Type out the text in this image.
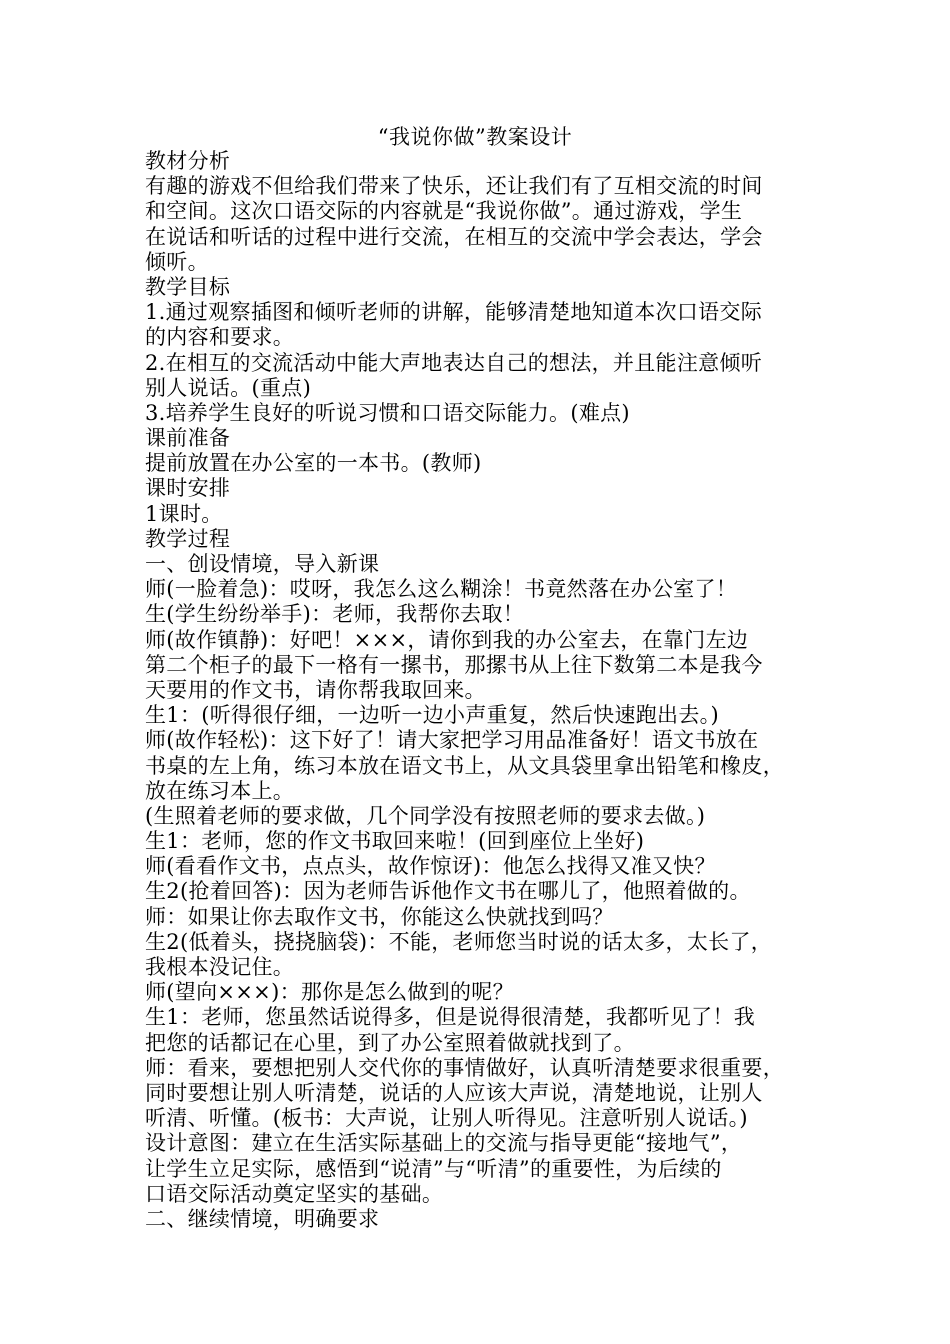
“我说你做”教案设计
教材分析
有趣的游戏不但给我们带来了快乐，还让我们有了互相交流的时间
和空间。这次口语交际的内容就是“我说你做”。通过游戏，学生
在说话和听话的过程中进行交流，在相互的交流中学会表达，学会
倾听。
教学目标
1.通过观察插图和倾听老师的讲解，能够清楚地知道本次口语交际
的内容和要求。
2.在相互的交流活动中能大声地表达自己的想法，并且能注意倾听
别人说话。(重点)
3.培养学生良好的听说习惯和口语交际能力。(难点)
课前准备
提前放置在办公室的一本书。(教师)
课时安排
1课时。
教学过程
一、创设情境，导入新课
师(一脸着急)：哎呀，我怎么这么糊涂！书竟然落在办公室了！
生(学生纷纷举手)：老师，我帮你去取！
师(故作镇静)：好吧！×××，请你到我的办公室去，在靠门左边
第二个柜子的最下一格有一摞书，那摞书从上往下数第二本是我今
天要用的作文书，请你帮我取回来。
生1：(听得很仔细，一边听一边小声重复，然后快速跑出去。)
师(故作轻松)：这下好了！请大家把学习用品准备好！语文书放在
书桌的左上角，练习本放在语文书上，从文具袋里拿出铅笔和橡皮，
放在练习本上。
(生照着老师的要求做，几个同学没有按照老师的要求去做。)
生1：老师，您的作文书取回来啦！(回到座位上坐好)
师(看看作文书，点点头，故作惊讶)：他怎么找得又准又快？
生2(抢着回答)：因为老师告诉他作文书在哪儿了，他照着做的。
师：如果让你去取作文书，你能这么快就找到吗？
生2(低着头，挠挠脑袋)：不能，老师您当时说的话太多，太长了，
我根本没记住。
师(望向×××)：那你是怎么做到的呢？
生1：老师，您虽然话说得多，但是说得很清楚，我都听见了！我
把您的话都记在心里，到了办公室照着做就找到了。
师：看来，要想把别人交代你的事情做好，认真听清楚要求很重要，
同时要想让别人听清楚，说话的人应该大声说，清楚地说，让别人
听清、听懂。(板书：大声说，让别人听得见。注意听别人说话。)
设计意图：建立在生活实际基础上的交流与指导更能“接地气”，
让学生立足实际，感悟到“说清”与“听清”的重要性，为后续的
口语交际活动奠定坚实的基础。
二、继续情境，明确要求
